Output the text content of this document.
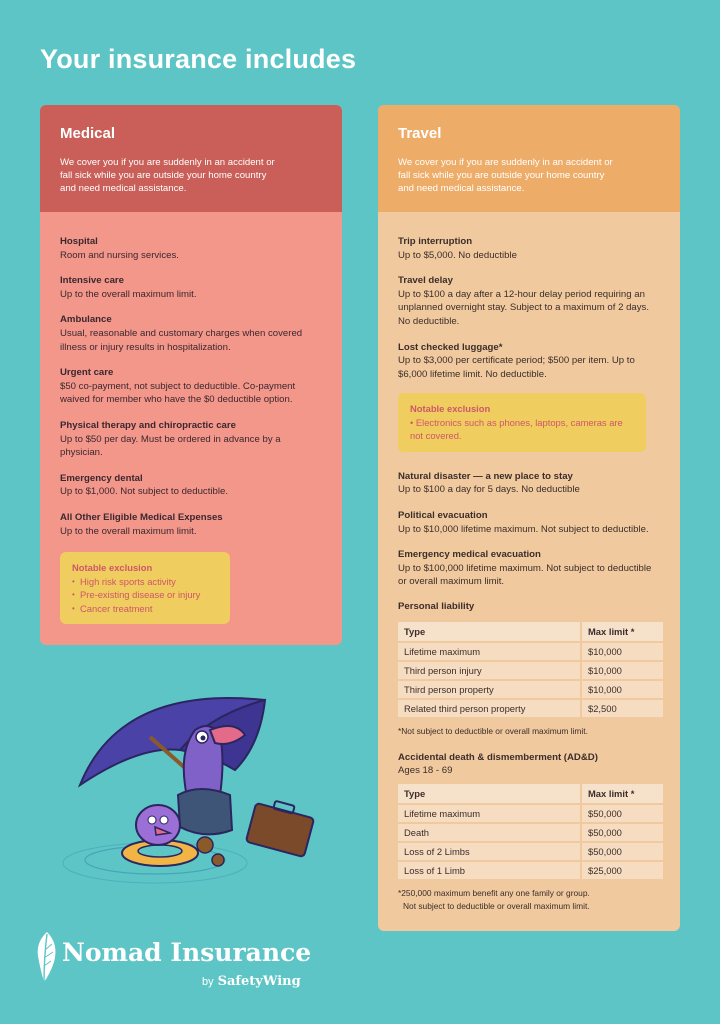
Your insurance includes
Medical

We cover you if you are suddenly in an accident or fall sick while you are outside your home country and need medical assistance.

Hospital
Room and nursing services.
Intensive care
Up to the overall maximum limit.
Ambulance
Usual, reasonable and customary charges when covered illness or injury results in hospitalization.
Urgent care
$50 co-payment, not subject to deductible. Co-payment waived for member who have the $0 deductible option.
Physical therapy and chiropractic care
Up to $50 per day. Must be ordered in advance by a physician.
Emergency dental
Up to $1,000. Not subject to deductible.
All Other Eligible Medical Expenses
Up to the overall maximum limit.
Notable exclusion
• High risk sports activity
• Pre-existing disease or injury
• Cancer treatment
Travel

We cover you if you are suddenly in an accident or fall sick while you are outside your home country and need medical assistance.

Trip interruption
Up to $5,000. No deductible
Travel delay
Up to $100 a day after a 12-hour delay period requiring an unplanned overnight stay. Subject to a maximum of 2 days. No deductible.
Lost checked luggage*
Up to $3,000 per certificate period; $500 per item. Up to $6,000 lifetime limit. No deductible.
Notable exclusion
• Electronics such as phones, laptops, cameras are not covered.
Natural disaster — a new place to stay
Up to $100 a day for 5 days. No deductible
Political evacuation
Up to $10,000 lifetime maximum. Not subject to deductible.
Emergency medical evacuation
Up to $100,000 lifetime maximum. Not subject to deductible or overall maximum limit.
Personal liability
Type	Max limit *
Lifetime maximum	$10,000
Third person injury	$10,000
Third person property	$10,000
Related third person property	$2,500
*Not subject to deductible or overall maximum limit.
Accidental death & dismemberment (AD&D)
Ages 18 - 69
Type	Max limit *
Lifetime maximum	$50,000
Death	$50,000
Loss of 2 Limbs	$50,000
Loss of 1 Limb	$25,000
*250,000 maximum benefit any one family or group.
Not subject to deductible or overall maximum limit.
Nomad Insurance
by SafetyWing
